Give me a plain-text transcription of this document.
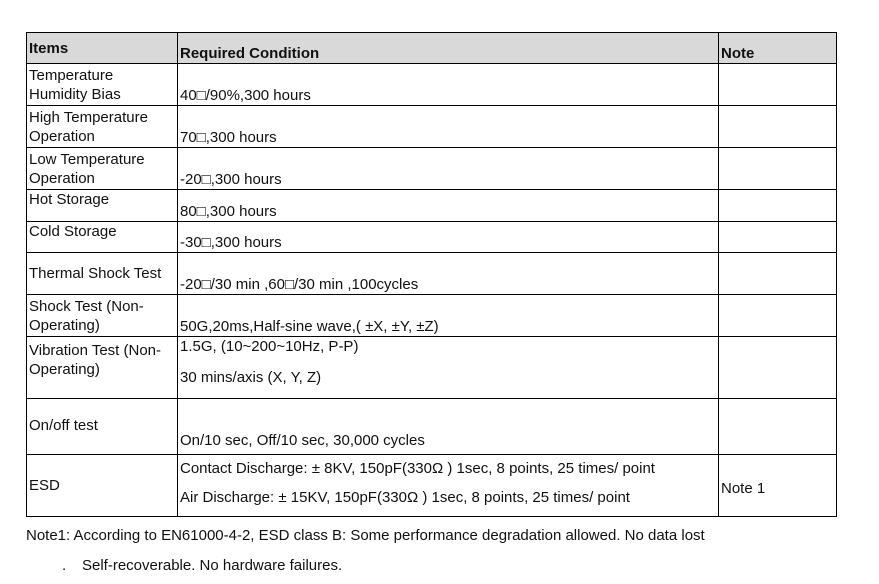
Items	Required Condition	Note
Temperature Humidity Bias	40□/90%,300 hours	

High Temperature Operation	70□,300 hours	

Low Temperature Operation	-20□,300 hours	

Hot Storage	80□,300 hours	

Cold Storage	-30□,300 hours	

Thermal Shock Test	-20□/30 min ,60□/30 min ,100cycles	

Shock Test (Non-Operating)	50G,20ms,Half-sine wave,( ±X, ±Y, ±Z)	

Vibration Test (Non-Operating)	1.5G, (10~200~10Hz, P-P)
30 mins/axis (X, Y, Z)	

On/off test	On/10 sec, Off/10 sec, 30,000 cycles	

ESD	Contact Discharge: ± 8KV, 150pF(330Ω ) 1sec, 8 points, 25 times/ point
Air Discharge: ± 15KV, 150pF(330Ω ) 1sec, 8 points, 25 times/ point	Note 1
Note1: According to EN61000-4-2, ESD class B: Some performance degradation allowed. No data lost
. Self-recoverable. No hardware failures.
